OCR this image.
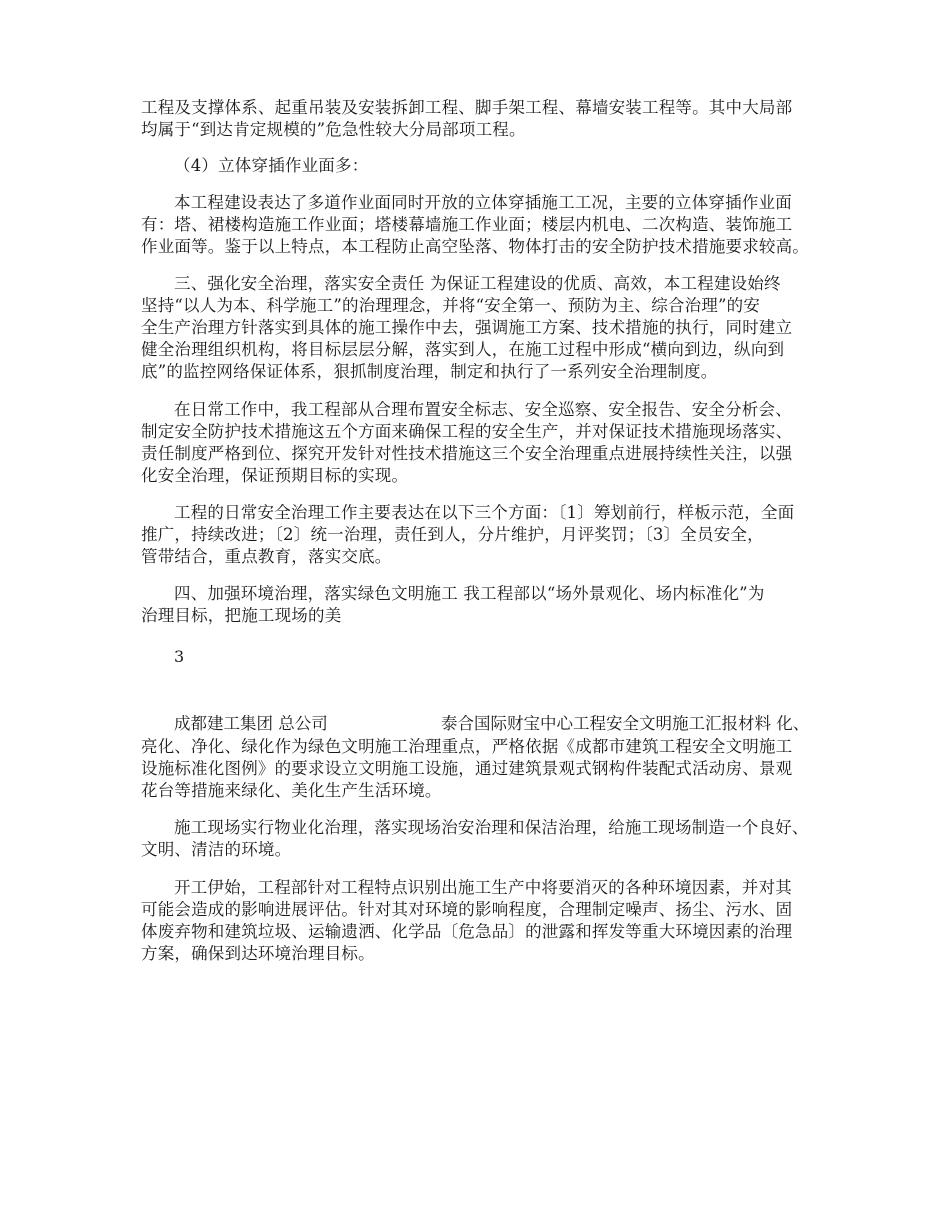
工程及支撑体系、起重吊装及安装拆卸工程、脚手架工程、幕墙安装工程等。其中大局部
均属于“到达肯定规模的”危急性较大分局部项工程。
（4）立体穿插作业面多：
本工程建设表达了多道作业面同时开放的立体穿插施工工况，主要的立体穿插作业面
有：塔、裙楼构造施工作业面；塔楼幕墙施工作业面；楼层内机电、二次构造、装饰施工
作业面等。鉴于以上特点，本工程防止高空坠落、物体打击的安全防护技术措施要求较高。
三、强化安全治理，落实安全责任 为保证工程建设的优质、高效，本工程建设始终
坚持“以人为本、科学施工”的治理理念，并将“安全第一、预防为主、综合治理”的安
全生产治理方针落实到具体的施工操作中去，强调施工方案、技术措施的执行，同时建立
健全治理组织机构，将目标层层分解，落实到人，在施工过程中形成“横向到边，纵向到
底”的监控网络保证体系，狠抓制度治理，制定和执行了一系列安全治理制度。
在日常工作中，我工程部从合理布置安全标志、安全巡察、安全报告、安全分析会、
制定安全防护技术措施这五个方面来确保工程的安全生产，并对保证技术措施现场落实、
责任制度严格到位、探究开发针对性技术措施这三个安全治理重点进展持续性关注，以强
化安全治理，保证预期目标的实现。
工程的日常安全治理工作主要表达在以下三个方面：〔1〕筹划前行，样板示范，全面
推广，持续改进；〔2〕统一治理，责任到人，分片维护，月评奖罚；〔3〕全员安全，
管带结合，重点教育，落实交底。
四、加强环境治理，落实绿色文明施工 我工程部以“场外景观化、场内标准化”为
治理目标，把施工现场的美
3
成都建工集团 总公司	泰合国际财宝中心工程安全文明施工汇报材料 化、
亮化、净化、绿化作为绿色文明施工治理重点，严格依据《成都市建筑工程安全文明施工
设施标准化图例》的要求设立文明施工设施，通过建筑景观式钢构件装配式活动房、景观
花台等措施来绿化、美化生产生活环境。
施工现场实行物业化治理，落实现场治安治理和保洁治理，给施工现场制造一个良好、
文明、清洁的环境。
开工伊始，工程部针对工程特点识别出施工生产中将要消灭的各种环境因素，并对其
可能会造成的影响进展评估。针对其对环境的影响程度，合理制定噪声、扬尘、污水、固
体废弃物和建筑垃圾、运输遗洒、化学品〔危急品〕的泄露和挥发等重大环境因素的治理
方案，确保到达环境治理目标。
